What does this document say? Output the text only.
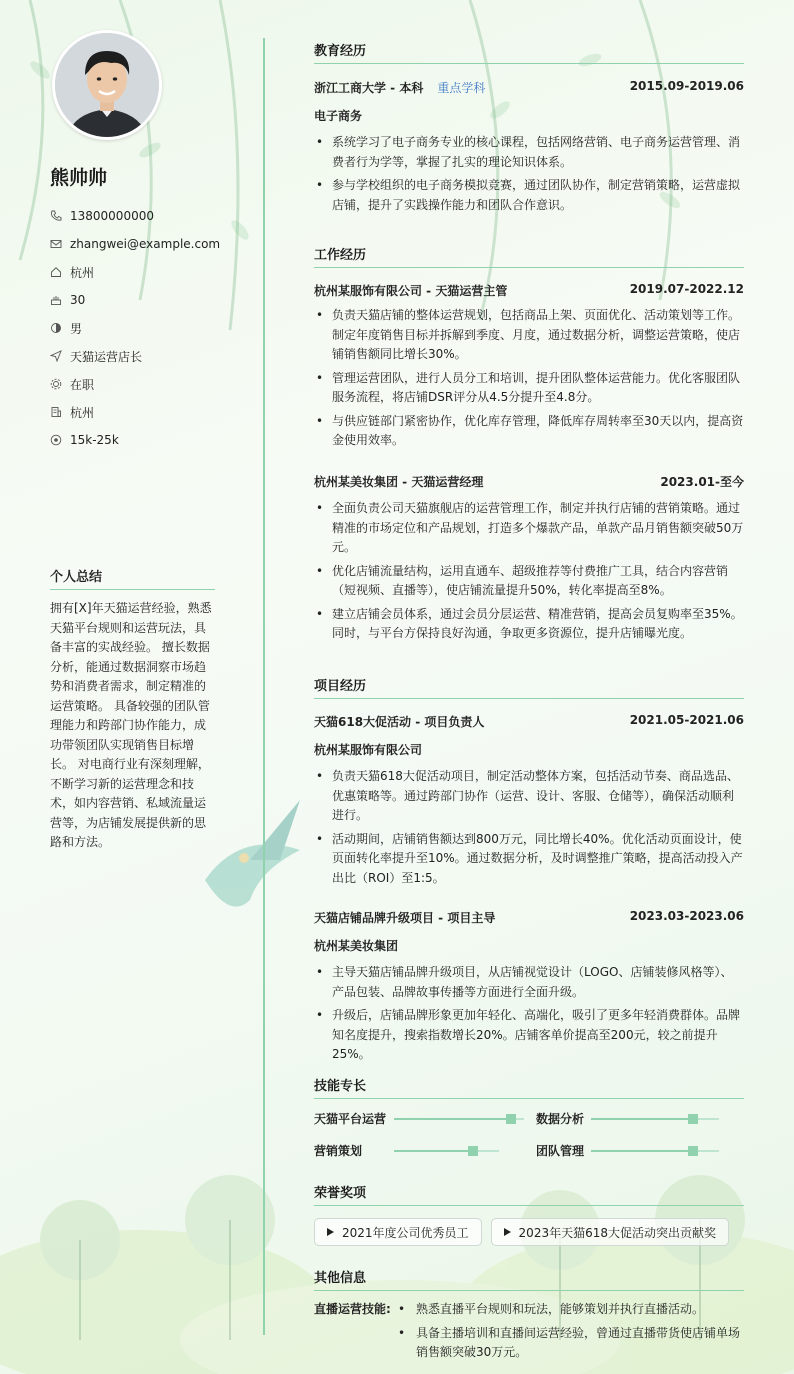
熊帅帅
13800000000
zhangwei@example.com
杭州
30
男
天猫运营店长
在职
杭州
15k-25k
个人总结
拥有[X]年天猫运营经验，熟悉天猫平台规则和运营玩法，具备丰富的实战经验。 擅长数据分析，能通过数据洞察市场趋势和消费者需求，制定精准的运营策略。 具备较强的团队管理能力和跨部门协作能力，成功带领团队实现销售目标增长。 对电商行业有深刻理解，不断学习新的运营理念和技术，如内容营销、私域流量运营等，为店铺发展提供新的思路和方法。
教育经历
浙江工商大学 - 本科 重点学科	2015.09-2019.06
电子商务
• 系统学习了电子商务专业的核心课程，包括网络营销、电子商务运营管理、消费者行为学等，掌握了扎实的理论知识体系。
• 参与学校组织的电子商务模拟竞赛，通过团队协作，制定营销策略，运营虚拟店铺，提升了实践操作能力和团队合作意识。
工作经历
杭州某服饰有限公司 - 天猫运营主管	2019.07-2022.12
• 负责天猫店铺的整体运营规划，包括商品上架、页面优化、活动策划等工作。制定年度销售目标并拆解到季度、月度，通过数据分析，调整运营策略，使店铺销售额同比增长30%。
• 管理运营团队，进行人员分工和培训，提升团队整体运营能力。优化客服团队服务流程，将店铺DSR评分从4.5分提升至4.8分。
• 与供应链部门紧密协作，优化库存管理，降低库存周转率至30天以内，提高资金使用效率。
杭州某美妆集团 - 天猫运营经理	2023.01-至今
• 全面负责公司天猫旗舰店的运营管理工作，制定并执行店铺的营销策略。通过精准的市场定位和产品规划，打造多个爆款产品，单款产品月销售额突破50万元。
• 优化店铺流量结构，运用直通车、超级推荐等付费推广工具，结合内容营销（短视频、直播等），使店铺流量提升50%，转化率提高至8%。
• 建立店铺会员体系，通过会员分层运营、精准营销，提高会员复购率至35%。同时，与平台方保持良好沟通，争取更多资源位，提升店铺曝光度。
项目经历
天猫618大促活动 - 项目负责人	2021.05-2021.06
杭州某服饰有限公司
• 负责天猫618大促活动项目，制定活动整体方案，包括活动节奏、商品选品、优惠策略等。通过跨部门协作（运营、设计、客服、仓储等），确保活动顺利进行。
• 活动期间，店铺销售额达到800万元，同比增长40%。优化活动页面设计，使页面转化率提升至10%。通过数据分析，及时调整推广策略，提高活动投入产出比（ROI）至1:5。
天猫店铺品牌升级项目 - 项目主导	2023.03-2023.06
杭州某美妆集团
• 主导天猫店铺品牌升级项目，从店铺视觉设计（LOGO、店铺装修风格等）、产品包装、品牌故事传播等方面进行全面升级。
• 升级后，店铺品牌形象更加年轻化、高端化，吸引了更多年轻消费群体。品牌知名度提升，搜索指数增长20%。店铺客单价提高至200元，较之前提升25%。
技能专长
天猫平台运营	数据分析
营销策划	团队管理
荣誉奖项
2021年度公司优秀员工	2023年天猫618大促活动突出贡献奖
其他信息
直播运营技能:
•	熟悉直播平台规则和玩法，能够策划并执行直播活动。
• 具备主播培训和直播间运营经验，曾通过直播带货使店铺单场销售额突破30万元。
